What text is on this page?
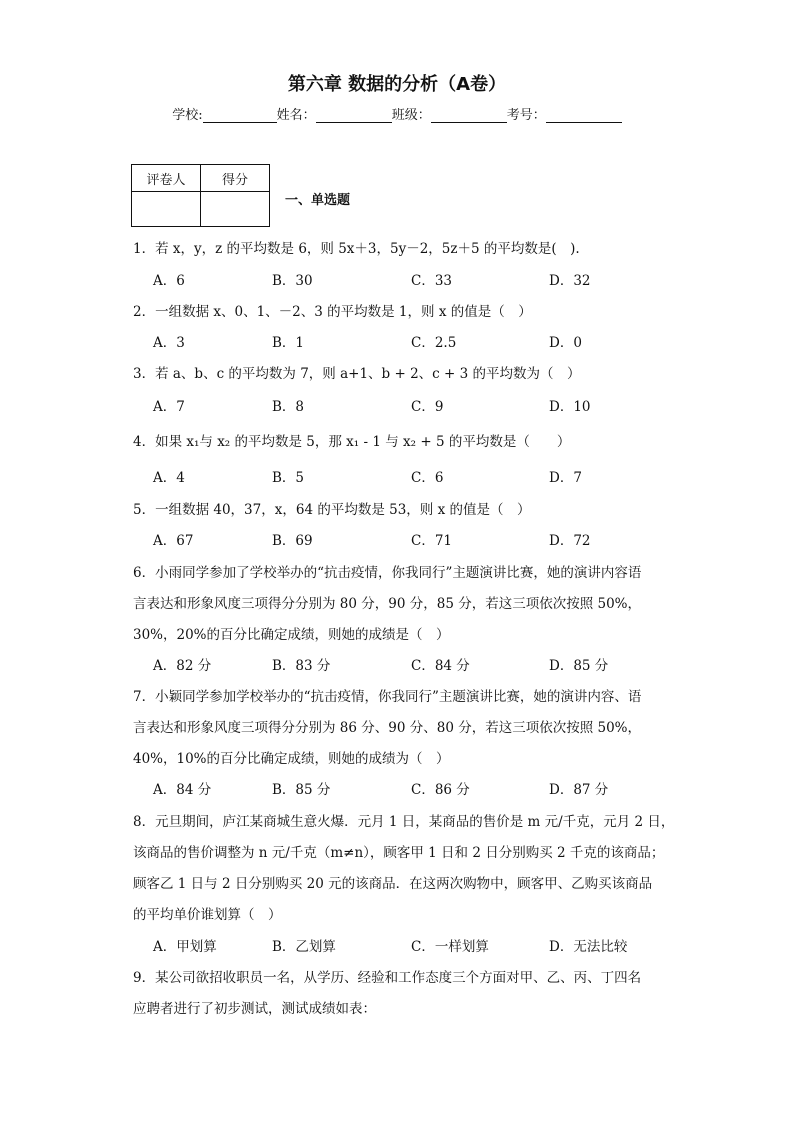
第六章 数据的分析（A卷）
学校:	姓名：	班级：	考号：
评卷人	得分

一、单选题
1．若 x，y，z 的平均数是 6，则 5x＋3，5y－2，5z＋5 的平均数是(　).
A．6	B．30	C．33	D．32
2．一组数据 x、0、1、－2、3 的平均数是 1，则 x 的值是（　）
A．3	B．1	C．2.5	D．0
3．若 a、b、c 的平均数为 7，则 a+1、b + 2、c + 3 的平均数为（　）
A．7	B．8	C．9	D．10
4．如果 x₁与 x₂ 的平均数是 5，那 x₁ - 1 与 x₂ + 5 的平均数是（　　）
A．4	B．5	C．6	D．7
5．一组数据 40，37，x，64 的平均数是 53，则 x 的值是（　）
A．67	B．69	C．71	D．72
6．小雨同学参加了学校举办的“抗击疫情，你我同行”主题演讲比赛，她的演讲内容语
言表达和形象风度三项得分分别为 80 分，90 分，85 分，若这三项依次按照 50%，
30%，20%的百分比确定成绩，则她的成绩是（　）
A．82 分	B．83 分	C．84 分	D．85 分
7．小颖同学参加学校举办的“抗击疫情，你我同行”主题演讲比赛，她的演讲内容、语
言表达和形象风度三项得分分别为 86 分、90 分、80 分，若这三项依次按照 50%，
40%，10%的百分比确定成绩，则她的成绩为（　）
A．84 分	B．85 分	C．86 分	D．87 分
8．元旦期间，庐江某商城生意火爆．元月 1 日，某商品的售价是 m 元/千克，元月 2 日，
该商品的售价调整为 n 元/千克（m≠n），顾客甲 1 日和 2 日分别购买 2 千克的该商品；
顾客乙 1 日与 2 日分别购买 20 元的该商品．在这两次购物中，顾客甲、乙购买该商品
的平均单价谁划算（　）
A．甲划算	B．乙划算	C．一样划算	D．无法比较
9．某公司欲招收职员一名，从学历、经验和工作态度三个方面对甲、乙、丙、丁四名
应聘者进行了初步测试，测试成绩如表：
